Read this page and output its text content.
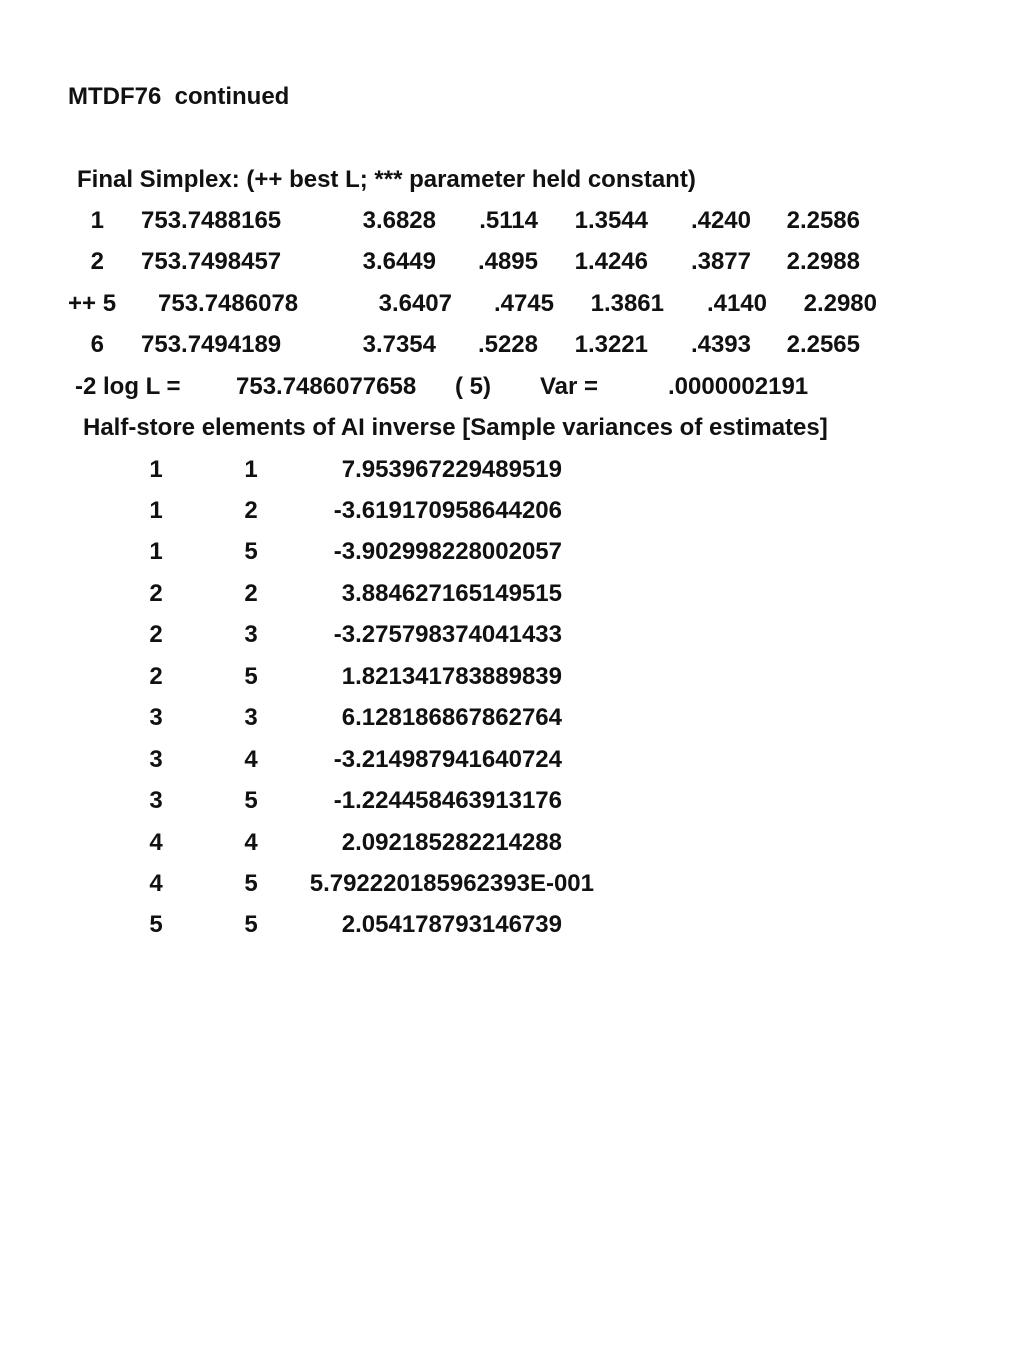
MTDF76  continued
Final Simplex: (++ best L; *** parameter held constant)
1 753.7488165	3.6828	.5114	1.3544	.4240	2.2586
2 753.7498457	3.6449	.4895	1.4246	.3877	2.2988
++ 5 753.7486078	3.6407	.4745	1.3861	.4140	2.2980
6 753.7494189	3.7354	.5228	1.3221	.4393	2.2565
-2 log L = 753.7486077658 ( 5) Var =	.0000002191
Half-store elements of AI inverse [Sample variances of estimates]
1	1	7.953967229489519
1	2	-3.619170958644206
1	5	-3.902998228002057
2	2	3.884627165149515
2	3	-3.275798374041433
2	5	1.821341783889839
3	3	6.128186867862764
3	4	-3.214987941640724
3	5	-1.224458463913176
4	4	2.092185282214288
4	5	5.792220185962393E-001
5	5	2.054178793146739
